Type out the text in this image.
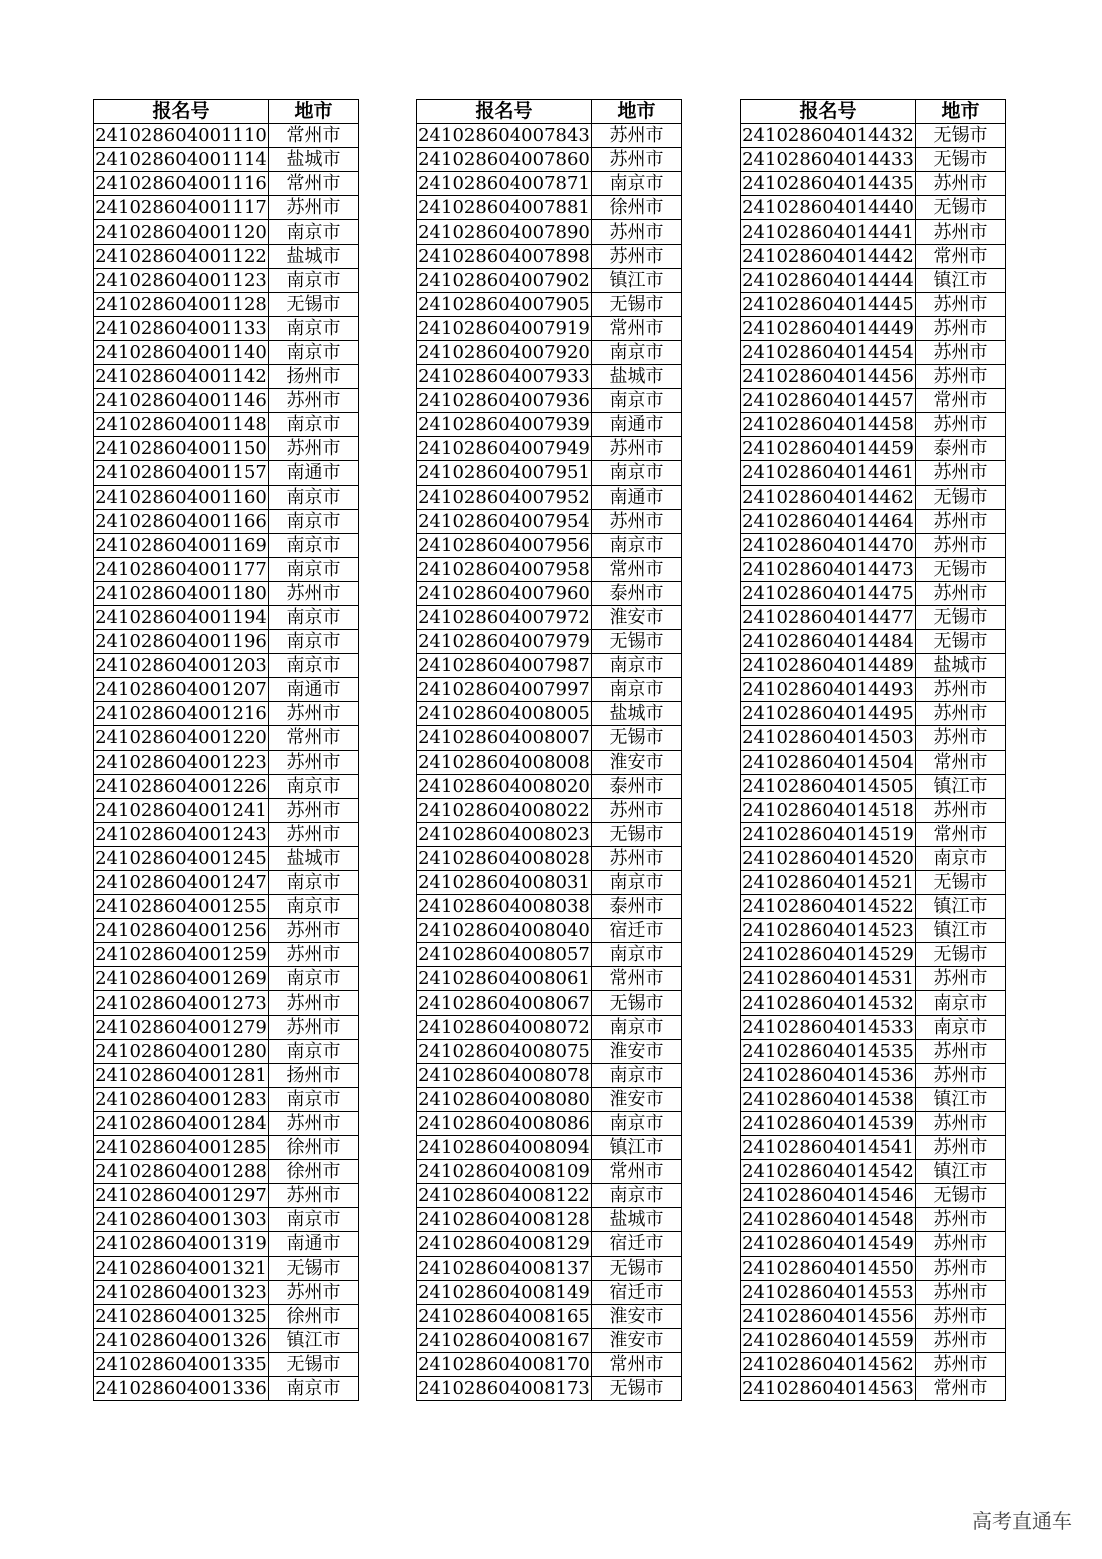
报名号	地市
241028604001110	常州市
241028604001114	盐城市
241028604001116	常州市
241028604001117	苏州市
241028604001120	南京市
241028604001122	盐城市
241028604001123	南京市
241028604001128	无锡市
241028604001133	南京市
241028604001140	南京市
241028604001142	扬州市
241028604001146	苏州市
241028604001148	南京市
241028604001150	苏州市
241028604001157	南通市
241028604001160	南京市
241028604001166	南京市
241028604001169	南京市
241028604001177	南京市
241028604001180	苏州市
241028604001194	南京市
241028604001196	南京市
241028604001203	南京市
241028604001207	南通市
241028604001216	苏州市
241028604001220	常州市
241028604001223	苏州市
241028604001226	南京市
241028604001241	苏州市
241028604001243	苏州市
241028604001245	盐城市
241028604001247	南京市
241028604001255	南京市
241028604001256	苏州市
241028604001259	苏州市
241028604001269	南京市
241028604001273	苏州市
241028604001279	苏州市
241028604001280	南京市
241028604001281	扬州市
241028604001283	南京市
241028604001284	苏州市
241028604001285	徐州市
241028604001288	徐州市
241028604001297	苏州市
241028604001303	南京市
241028604001319	南通市
241028604001321	无锡市
241028604001323	苏州市
241028604001325	徐州市
241028604001326	镇江市
241028604001335	无锡市
241028604001336	南京市
报名号	地市
241028604007843	苏州市
241028604007860	苏州市
241028604007871	南京市
241028604007881	徐州市
241028604007890	苏州市
241028604007898	苏州市
241028604007902	镇江市
241028604007905	无锡市
241028604007919	常州市
241028604007920	南京市
241028604007933	盐城市
241028604007936	南京市
241028604007939	南通市
241028604007949	苏州市
241028604007951	南京市
241028604007952	南通市
241028604007954	苏州市
241028604007956	南京市
241028604007958	常州市
241028604007960	泰州市
241028604007972	淮安市
241028604007979	无锡市
241028604007987	南京市
241028604007997	南京市
241028604008005	盐城市
241028604008007	无锡市
241028604008008	淮安市
241028604008020	泰州市
241028604008022	苏州市
241028604008023	无锡市
241028604008028	苏州市
241028604008031	南京市
241028604008038	泰州市
241028604008040	宿迁市
241028604008057	南京市
241028604008061	常州市
241028604008067	无锡市
241028604008072	南京市
241028604008075	淮安市
241028604008078	南京市
241028604008080	淮安市
241028604008086	南京市
241028604008094	镇江市
241028604008109	常州市
241028604008122	南京市
241028604008128	盐城市
241028604008129	宿迁市
241028604008137	无锡市
241028604008149	宿迁市
241028604008165	淮安市
241028604008167	淮安市
241028604008170	常州市
241028604008173	无锡市
报名号	地市
241028604014432	无锡市
241028604014433	无锡市
241028604014435	苏州市
241028604014440	无锡市
241028604014441	苏州市
241028604014442	常州市
241028604014444	镇江市
241028604014445	苏州市
241028604014449	苏州市
241028604014454	苏州市
241028604014456	苏州市
241028604014457	常州市
241028604014458	苏州市
241028604014459	泰州市
241028604014461	苏州市
241028604014462	无锡市
241028604014464	苏州市
241028604014470	苏州市
241028604014473	无锡市
241028604014475	苏州市
241028604014477	无锡市
241028604014484	无锡市
241028604014489	盐城市
241028604014493	苏州市
241028604014495	苏州市
241028604014503	苏州市
241028604014504	常州市
241028604014505	镇江市
241028604014518	苏州市
241028604014519	常州市
241028604014520	南京市
241028604014521	无锡市
241028604014522	镇江市
241028604014523	镇江市
241028604014529	无锡市
241028604014531	苏州市
241028604014532	南京市
241028604014533	南京市
241028604014535	苏州市
241028604014536	苏州市
241028604014538	镇江市
241028604014539	苏州市
241028604014541	苏州市
241028604014542	镇江市
241028604014546	无锡市
241028604014548	苏州市
241028604014549	苏州市
241028604014550	苏州市
241028604014553	苏州市
241028604014556	苏州市
241028604014559	苏州市
241028604014562	苏州市
241028604014563	常州市
高考直通车
